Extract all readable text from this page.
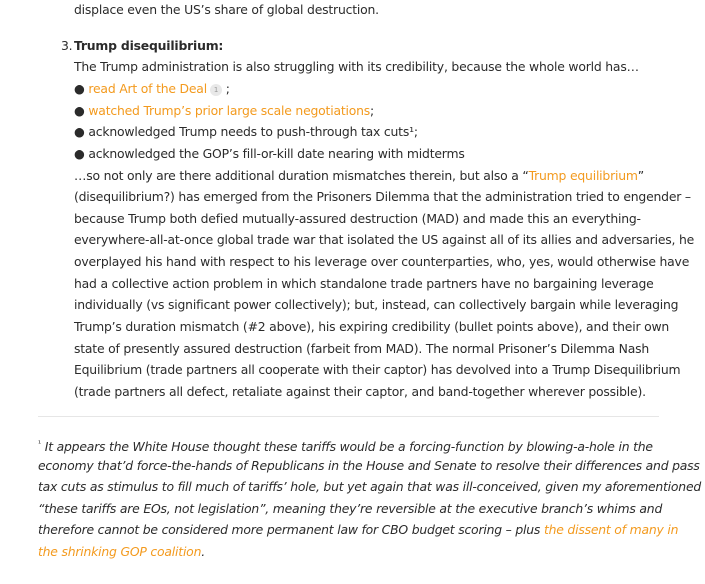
displace even the US’s share of global destruction.
3. Trump disequilibrium:
The Trump administration is also struggling with its credibility, because the whole world has…
● read Art of the Deal 1 ;
● watched Trump’s prior large scale negotiations;
● acknowledged Trump needs to push-through tax cuts¹;
● acknowledged the GOP’s fill-or-kill date nearing with midterms
…so not only are there additional duration mismatches therein, but also a “Trump equilibrium”
(disequilibrium?) has emerged from the Prisoners Dilemma that the administration tried to engender –
because Trump both defied mutually-assured destruction (MAD) and made this an everything-
everywhere-all-at-once global trade war that isolated the US against all of its allies and adversaries, he
overplayed his hand with respect to his leverage over counterparties, who, yes, would otherwise have
had a collective action problem in which standalone trade partners have no bargaining leverage
individually (vs significant power collectively); but, instead, can collectively bargain while leveraging
Trump’s duration mismatch (#2 above), his expiring credibility (bullet points above), and their own
state of presently assured destruction (farbeit from MAD). The normal Prisoner’s Dilemma Nash
Equilibrium (trade partners all cooperate with their captor) has devolved into a Trump Disequilibrium
(trade partners all defect, retaliate against their captor, and band-together wherever possible).
$^{^1}$ It appears the White House thought these tariffs would be a forcing-function by blowing-a-hole in the
economy that’d force-the-hands of Republicans in the House and Senate to resolve their differences and pass
tax cuts as stimulus to fill much of tariffs’ hole, but yet again that was ill-conceived, given my aforementioned
“these tariffs are EOs, not legislation”, meaning they’re reversible at the executive branch’s whims and
therefore cannot be considered more permanent law for CBO budget scoring – plus the dissent of many in
the shrinking GOP coalition.
